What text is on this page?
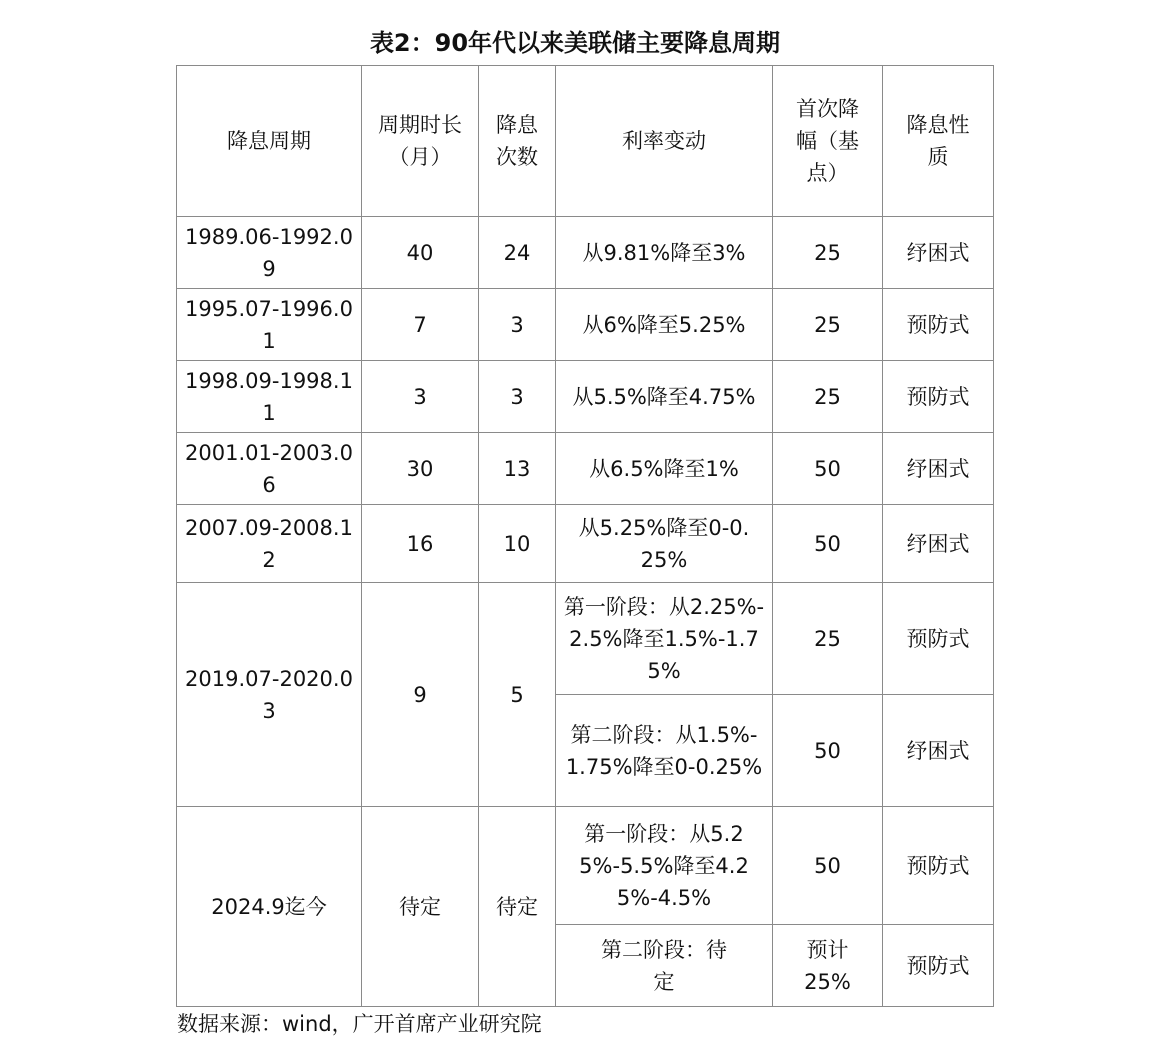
表2：90年代以来美联储主要降息周期
降息周期	周期时长（月）	降息次数	利率变动	首次降幅（基点）	降息性质
1989.06-1992.09	40	24	从9.81%降至3%	25	纾困式
1995.07-1996.01	7	3	从6%降至5.25%	25	预防式
1998.09-1998.11	3	3	从5.5%降至4.75%	25	预防式
2001.01-2003.06	30	13	从6.5%降至1%	50	纾困式
2007.09-2008.12	16	10	从5.25%降至0-0.25%	50	纾困式
2019.07-2020.03	9	5	第一阶段：从2.25%-2.5%降至1.5%-1.75%	25	预防式
			第二阶段：从1.5%-1.75%降至0-0.25%	50	纾困式
2024.9迄今	待定	待定	第一阶段：从5.25%-5.5%降至4.25%-4.5%	50	预防式
			第二阶段：待定	预计25%	预防式

数据来源：wind，广开首席产业研究院
